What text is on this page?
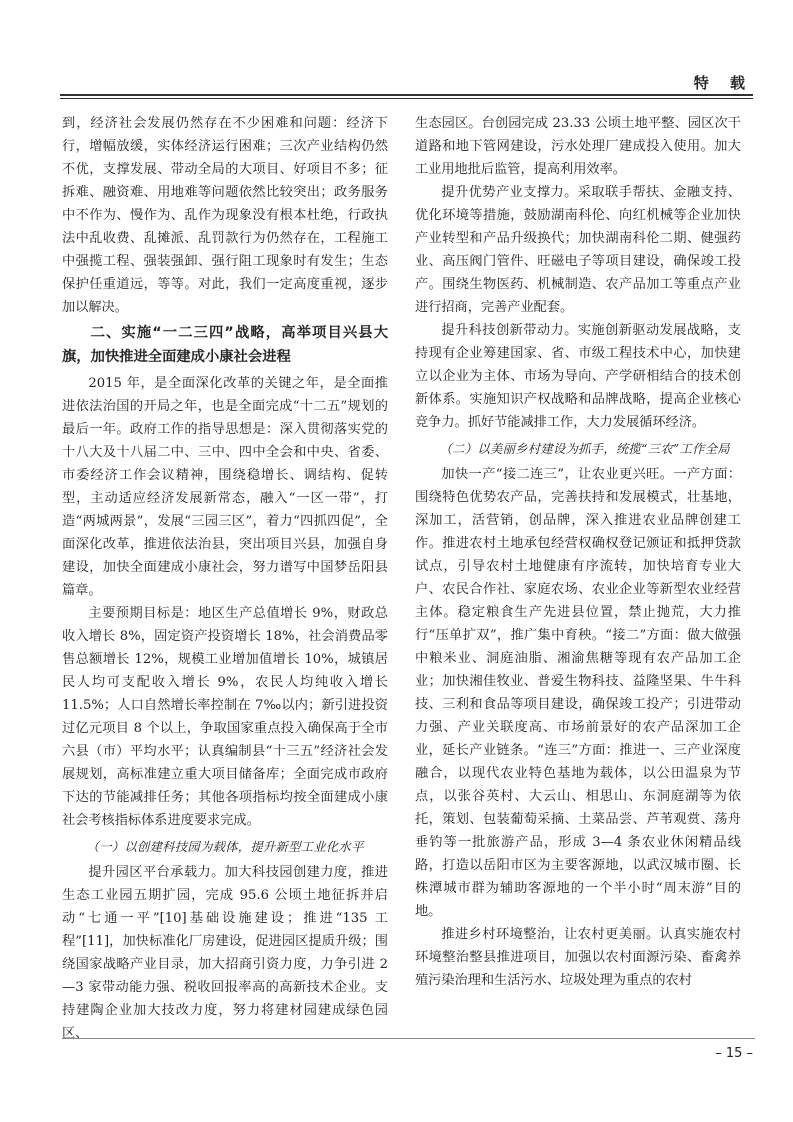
特 载

到，经济社会发展仍然存在不少困难和问题：经济下行，增幅放缓，实体经济运行困难；三次产业结构仍然不优，支撑发展、带动全局的大项目、好项目不多；征拆难、融资难、用地难等问题依然比较突出；政务服务中不作为、慢作为、乱作为现象没有根本杜绝，行政执法中乱收费、乱摊派、乱罚款行为仍然存在，工程施工中强揽工程、强装强卸、强行阻工现象时有发生；生态保护任重道远，等等。对此，我们一定高度重视，逐步加以解决。

二、实施“一二三四”战略，高举项目兴县大旗，加快推进全面建成小康社会进程

2015 年，是全面深化改革的关键之年，是全面推进依法治国的开局之年，也是全面完成“十二五”规划的最后一年。政府工作的指导思想是：深入贯彻落实党的十八大及十八届二中、三中、四中全会和中央、省委、市委经济工作会议精神，围绕稳增长、调结构、促转型，主动适应经济发展新常态，融入“一区一带”，打造“两城两景”，发展“三园三区”，着力“四抓四促”，全面深化改革，推进依法治县，突出项目兴县，加强自身建设，加快全面建成小康社会，努力谱写中国梦岳阳县篇章。

主要预期目标是：地区生产总值增长 9%，财政总收入增长 8%，固定资产投资增长 18%，社会消费品零售总额增长 12%，规模工业增加值增长 10%，城镇居民人均可支配收入增长 9%，农民人均纯收入增长 11.5%；人口自然增长率控制在 7‰以内；新引进投资过亿元项目 8 个以上，争取国家重点投入确保高于全市六县（市）平均水平；认真编制县“十三五”经济社会发展规划，高标准建立重大项目储备库；全面完成市政府下达的节能减排任务；其他各项指标均按全面建成小康社会考核指标体系进度要求完成。

（一）以创建科技园为载体，提升新型工业化水平

提升园区平台承载力。加大科技园创建力度，推进生态工业园五期扩园，完成 95.6 公顷土地征拆并启动“七通一平”[10]基础设施建设；推进“135 工程”[11]，加快标准化厂房建设，促进园区提质升级；围绕国家战略产业目录，加大招商引资力度，力争引进 2—3 家带动能力强、税收回报率高的高新技术企业。支持建陶企业加大技改力度，努力将建材园建成绿色园区、

生态园区。台创园完成 23.33 公顷土地平整、园区次干道路和地下管网建设，污水处理厂建成投入使用。加大工业用地批后监管，提高利用效率。

提升优势产业支撑力。采取联手帮扶、金融支持、优化环境等措施，鼓励湖南科伦、向红机械等企业加快产业转型和产品升级换代；加快湖南科伦二期、健强药业、高压阀门管件、旺磁电子等项目建设，确保竣工投产。围绕生物医药、机械制造、农产品加工等重点产业进行招商，完善产业配套。

提升科技创新带动力。实施创新驱动发展战略，支持现有企业筹建国家、省、市级工程技术中心，加快建立以企业为主体、市场为导向、产学研相结合的技术创新体系。实施知识产权战略和品牌战略，提高企业核心竞争力。抓好节能减排工作，大力发展循环经济。

（二）以美丽乡村建设为抓手，统揽“三农”工作全局

加快一产“接二连三”，让农业更兴旺。一产方面：围绕特色优势农产品，完善扶持和发展模式，壮基地，深加工，活营销，创品牌，深入推进农业品牌创建工作。推进农村土地承包经营权确权登记颁证和抵押贷款试点，引导农村土地健康有序流转，加快培育专业大户、农民合作社、家庭农场、农业企业等新型农业经营主体。稳定粮食生产先进县位置，禁止抛荒，大力推行“压单扩双”，推广集中育秧。“接二”方面：做大做强中粮米业、洞庭油脂、湘渝焦糖等现有农产品加工企业；加快湘佳牧业、普爱生物科技、益隆坚果、牛牛科技、三利和食品等项目建设，确保竣工投产；引进带动力强、产业关联度高、市场前景好的农产品深加工企业，延长产业链条。“连三”方面：推进一、三产业深度融合，以现代农业特色基地为载体，以公田温泉为节点，以张谷英村、大云山、相思山、东洞庭湖等为依托，策划、包装葡萄采摘、土菜品尝、芦苇观赏、荡舟垂钓等一批旅游产品，形成 3—4 条农业休闲精品线路，打造以岳阳市区为主要客源地，以武汉城市圈、长株潭城市群为辅助客源地的一个半小时“周末游”目的地。

推进乡村环境整治，让农村更美丽。认真实施农村环境整治整县推进项目，加强以农村面源污染、畜禽养殖污染治理和生活污水、垃圾处理为重点的农村

– 15 –
